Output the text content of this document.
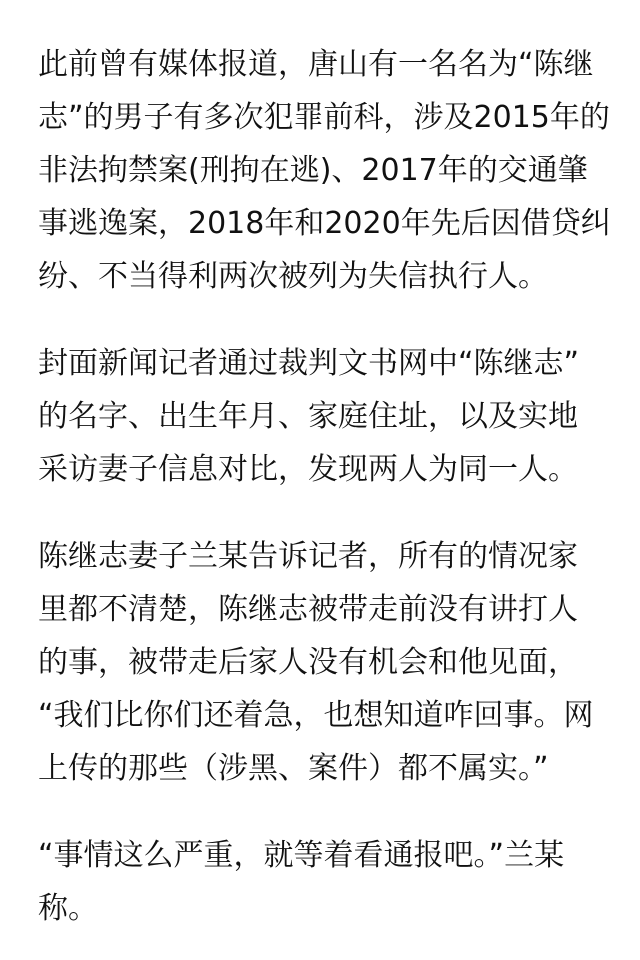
此前曾有媒体报道，唐山有一名名为“陈继
志”的男子有多次犯罪前科，涉及2015年的
非法拘禁案(刑拘在逃)、2017年的交通肇
事逃逸案，2018年和2020年先后因借贷纠
纷、不当得利两次被列为失信执行人。
封面新闻记者通过裁判文书网中“陈继志”
的名字、出生年月、家庭住址，以及实地
采访妻子信息对比，发现两人为同一人。
陈继志妻子兰某告诉记者，所有的情况家
里都不清楚，陈继志被带走前没有讲打人
的事，被带走后家人没有机会和他见面，
“我们比你们还着急，也想知道咋回事。网
上传的那些（涉黑、案件）都不属实。”
“事情这么严重，就等着看通报吧。”兰某
称。
